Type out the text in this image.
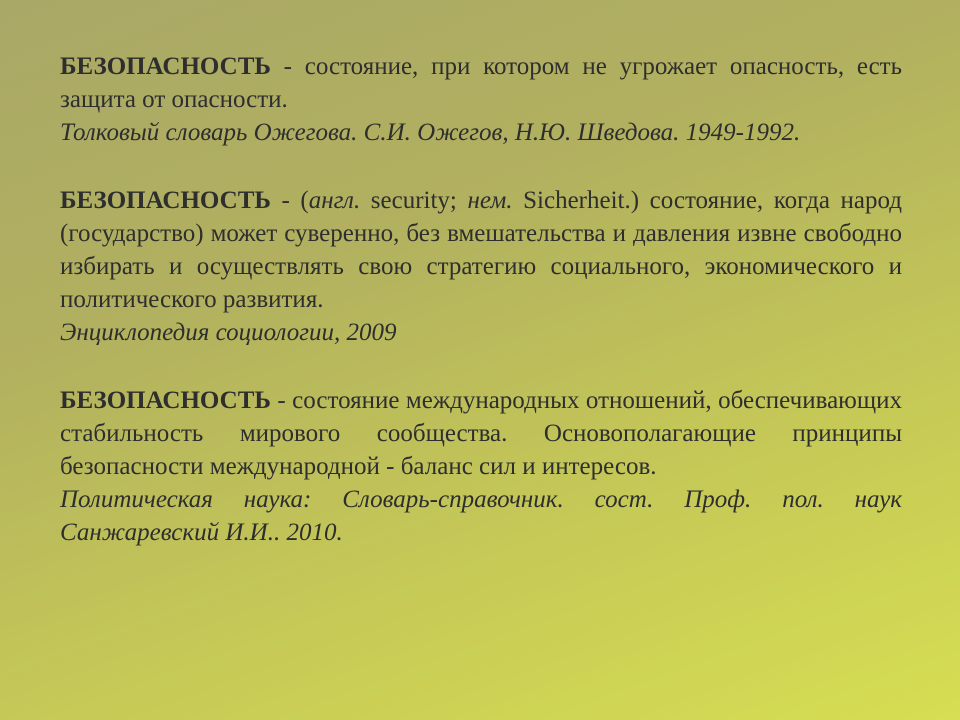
БЕЗОПАСНОСТЬ - состояние, при котором не угрожает опасность, есть защита от опасности.

Толковый словарь Ожегова. С.И. Ожегов, Н.Ю. Шведова. 1949-1992.

БЕЗОПАСНОСТЬ - (англ. security; нем. Sicherheit.) состояние, когда народ (государство) может суверенно, без вмешательства и давления извне свободно избирать и осуществлять свою стратегию социального, экономического и политического развития.

Энциклопедия социологии, 2009

БЕЗОПАСНОСТЬ - состояние международных отношений, обеспечивающих стабильность мирового сообщества. Основополагающие принципы безопасности международной - баланс сил и интересов.

Политическая наука: Словарь-справочник. сост. Проф. пол. наук Санжаревский И.И.. 2010.
